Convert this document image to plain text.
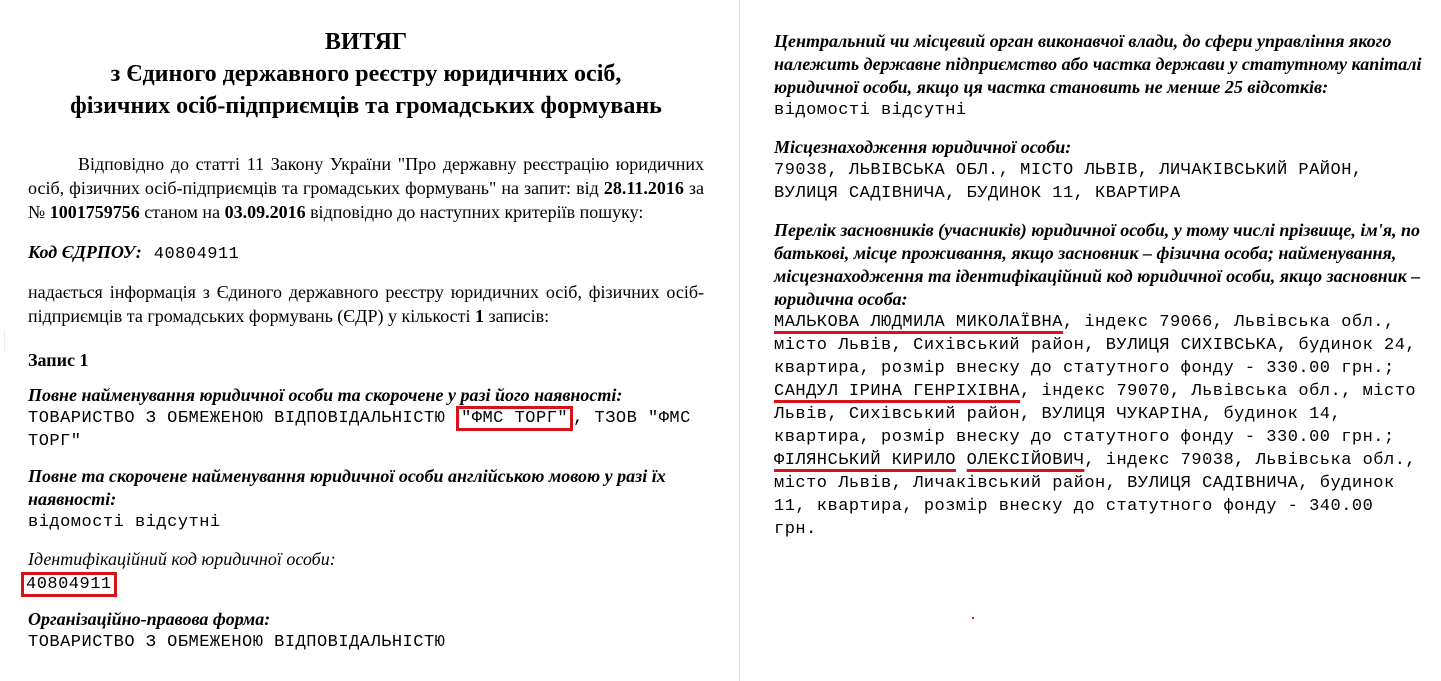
ВИТЯГ
з Єдиного державного реєстру юридичних осіб,
фізичних осіб-підприємців та громадських формувань

Відповідно до статті 11 Закону України "Про державну реєстрацію юридичних осіб, фізичних осіб-підприємців та громадських формувань" на запит: від 28.11.2016 за № 1001759756 станом на 03.09.2016 відповідно до наступних критеріїв пошуку:

Код ЄДРПОУ: 40804911

надається інформація з Єдиного державного реєстру юридичних осіб, фізичних осіб-підприємців та громадських формувань (ЄДР) у кількості 1 записів:

Запис 1

Повне найменування юридичної особи та скорочене у разі його наявності:

ТОВАРИСТВО З ОБМЕЖЕНОЮ ВІДПОВІДАЛЬНІСТЮ "ФМС ТОРГ" , ТЗОВ "ФМС ТОРГ"

Повне та скорочене найменування юридичної особи англійською мовою у разі їх наявності:

відомості відсутні

Ідентифікаційний код юридичної особи:

40804911

Організаційно-правова форма:

ТОВАРИСТВО З ОБМЕЖЕНОЮ ВІДПОВІДАЛЬНІСТЮ

Центральний чи місцевий орган виконавчої влади, до сфери управління якого належить державне підприємство або частка держави у статутному капіталі юридичної особи, якщо ця частка становить не менше 25 відсотків:

відомості відсутні

Місцезнаходження юридичної особи:

79038, ЛЬВІВСЬКА ОБЛ., МІСТО ЛЬВІВ, ЛИЧАКІВСЬКИЙ РАЙОН, ВУЛИЦЯ САДІВНИЧА, БУДИНОК 11, КВАРТИРА

Перелік засновників (учасників) юридичної особи, у тому числі прізвище, ім'я, по батькові, місце проживання, якщо засновник – фізична особа; найменування, місцезнаходження та ідентифікаційний код юридичної особи, якщо засновник – юридична особа:

МАЛЬКОВА ЛЮДМИЛА МИКОЛАЇВНА, індекс 79066, Львівська обл., місто Львів, Сихівський район, ВУЛИЦЯ СИХІВСЬКА, будинок 24, квартира, розмір внеску до статутного фонду - 330.00 грн.; САНДУЛ ІРИНА ГЕНРІХІВНА, індекс 79070, Львівська обл., місто Львів, Сихівський район, ВУЛИЦЯ ЧУКАРІНА, будинок 14, квартира, розмір внеску до статутного фонду - 330.00 грн.; ФІЛЯНСЬКИЙ КИРИЛО ОЛЕКСІЙОВИЧ, індекс 79038, Львівська обл., місто Львів, Личаківський район, ВУЛИЦЯ САДІВНИЧА, будинок 11, квартира, розмір внеску до статутного фонду - 340.00 грн.
